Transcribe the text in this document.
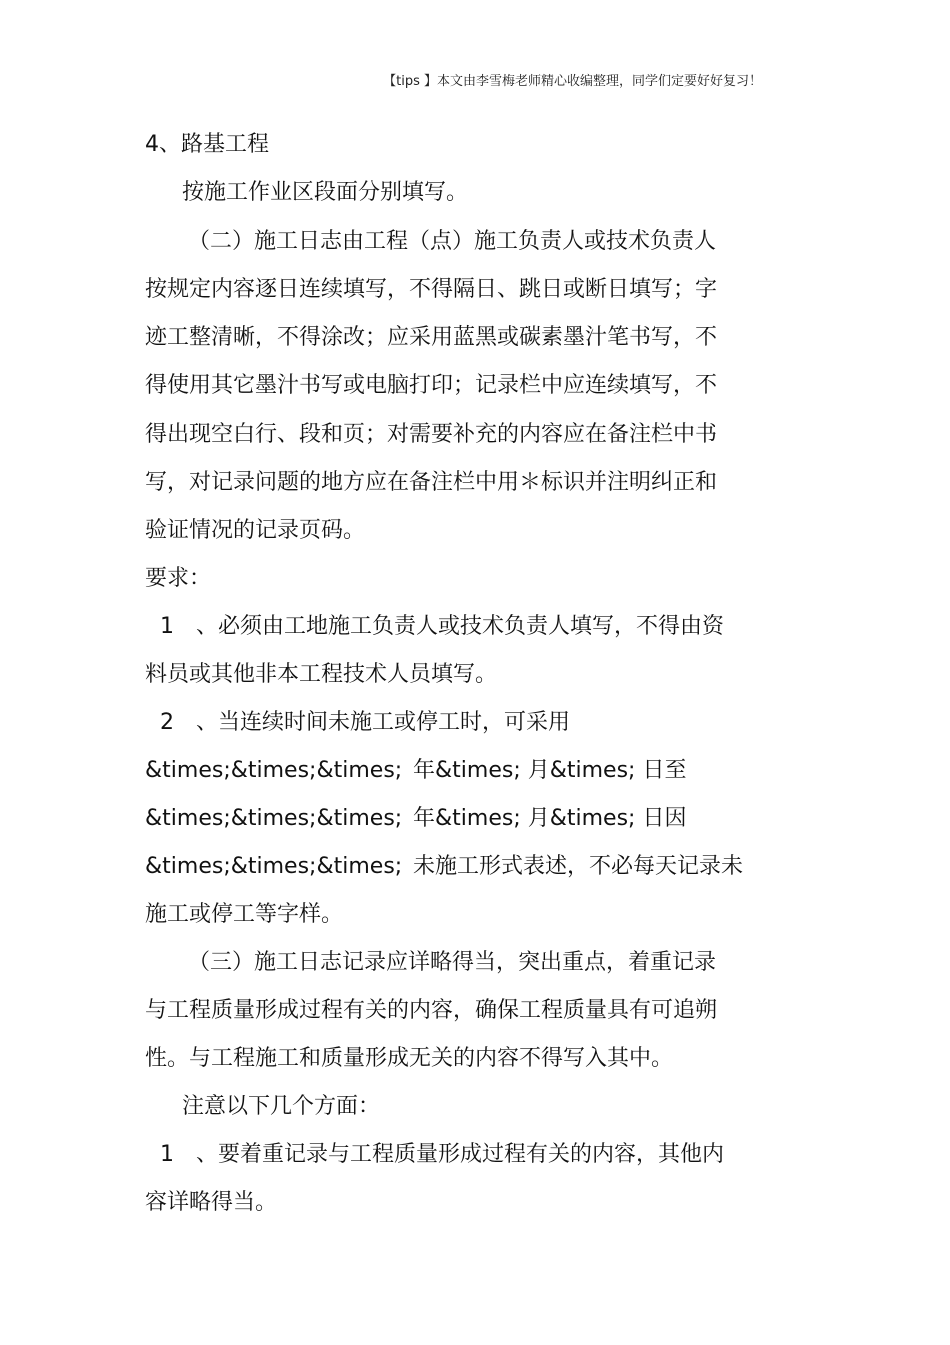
【tips 】本文由李雪梅老师精心收编整理，同学们定要好好复习！
4、路基工程
按施工作业区段面分别填写。
（二）施工日志由工程（点）施工负责人或技术负责人
按规定内容逐日连续填写，不得隔日、跳日或断日填写；字
迹工整清晰，不得涂改；应采用蓝黑或碳素墨汁笔书写，不
得使用其它墨汁书写或电脑打印；记录栏中应连续填写，不
得出现空白行、段和页；对需要补充的内容应在备注栏中书
写，对记录问题的地方应在备注栏中用＊标识并注明纠正和
验证情况的记录页码。
要求：
1　、必须由工地施工负责人或技术负责人填写，不得由资
料员或其他非本工程技术人员填写。
2　、当连续时间未施工或停工时，可采用
&times;&times;&times; 年&times; 月&times; 日至
&times;&times;&times; 年&times; 月&times; 日因
&times;&times;&times; 未施工形式表述，不必每天记录未
施工或停工等字样。
（三）施工日志记录应详略得当，突出重点，着重记录
与工程质量形成过程有关的内容，确保工程质量具有可追朔
性。与工程施工和质量形成无关的内容不得写入其中。
注意以下几个方面：
1　、要着重记录与工程质量形成过程有关的内容，其他内
容详略得当。
